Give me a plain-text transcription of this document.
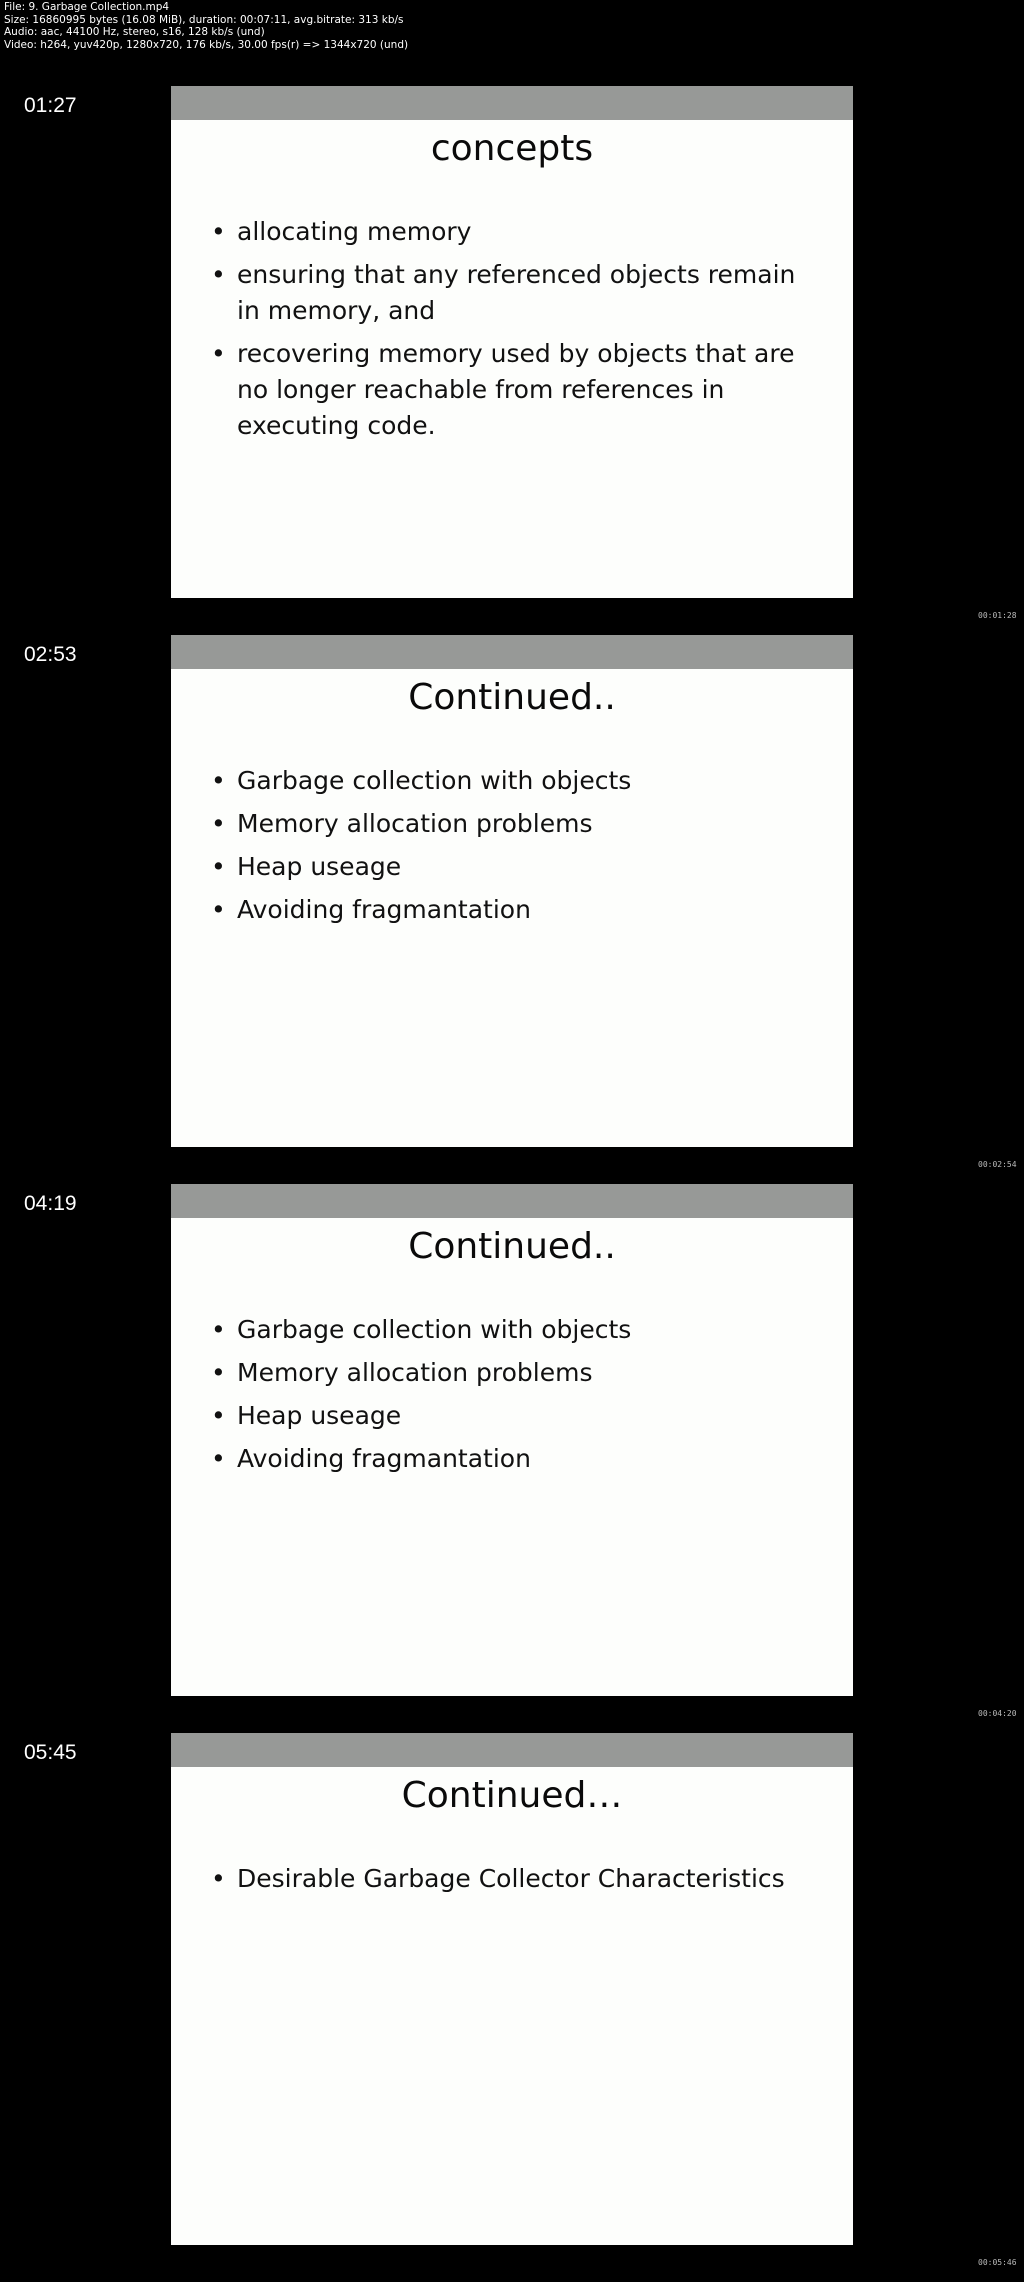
File: 9. Garbage Collection.mp4
Size: 16860995 bytes (16.08 MiB), duration: 00:07:11, avg.bitrate: 313 kb/s
Audio: aac, 44100 Hz, stereo, s16, 128 kb/s (und)
Video: h264, yuv420p, 1280x720, 176 kb/s, 30.00 fps(r) => 1344x720 (und)
01:27
concepts
• allocating memory
• ensuring that any referenced objects remain in memory, and
• recovering memory used by objects that are no longer reachable from references in executing code.
00:01:28
02:53
Continued..
• Garbage collection with objects
• Memory allocation problems
• Heap useage
• Avoiding fragmantation
00:02:54
04:19
Continued..
• Garbage collection with objects
• Memory allocation problems
• Heap useage
• Avoiding fragmantation
00:04:20
05:45
Continued…
• Desirable Garbage Collector Characteristics
00:05:46
